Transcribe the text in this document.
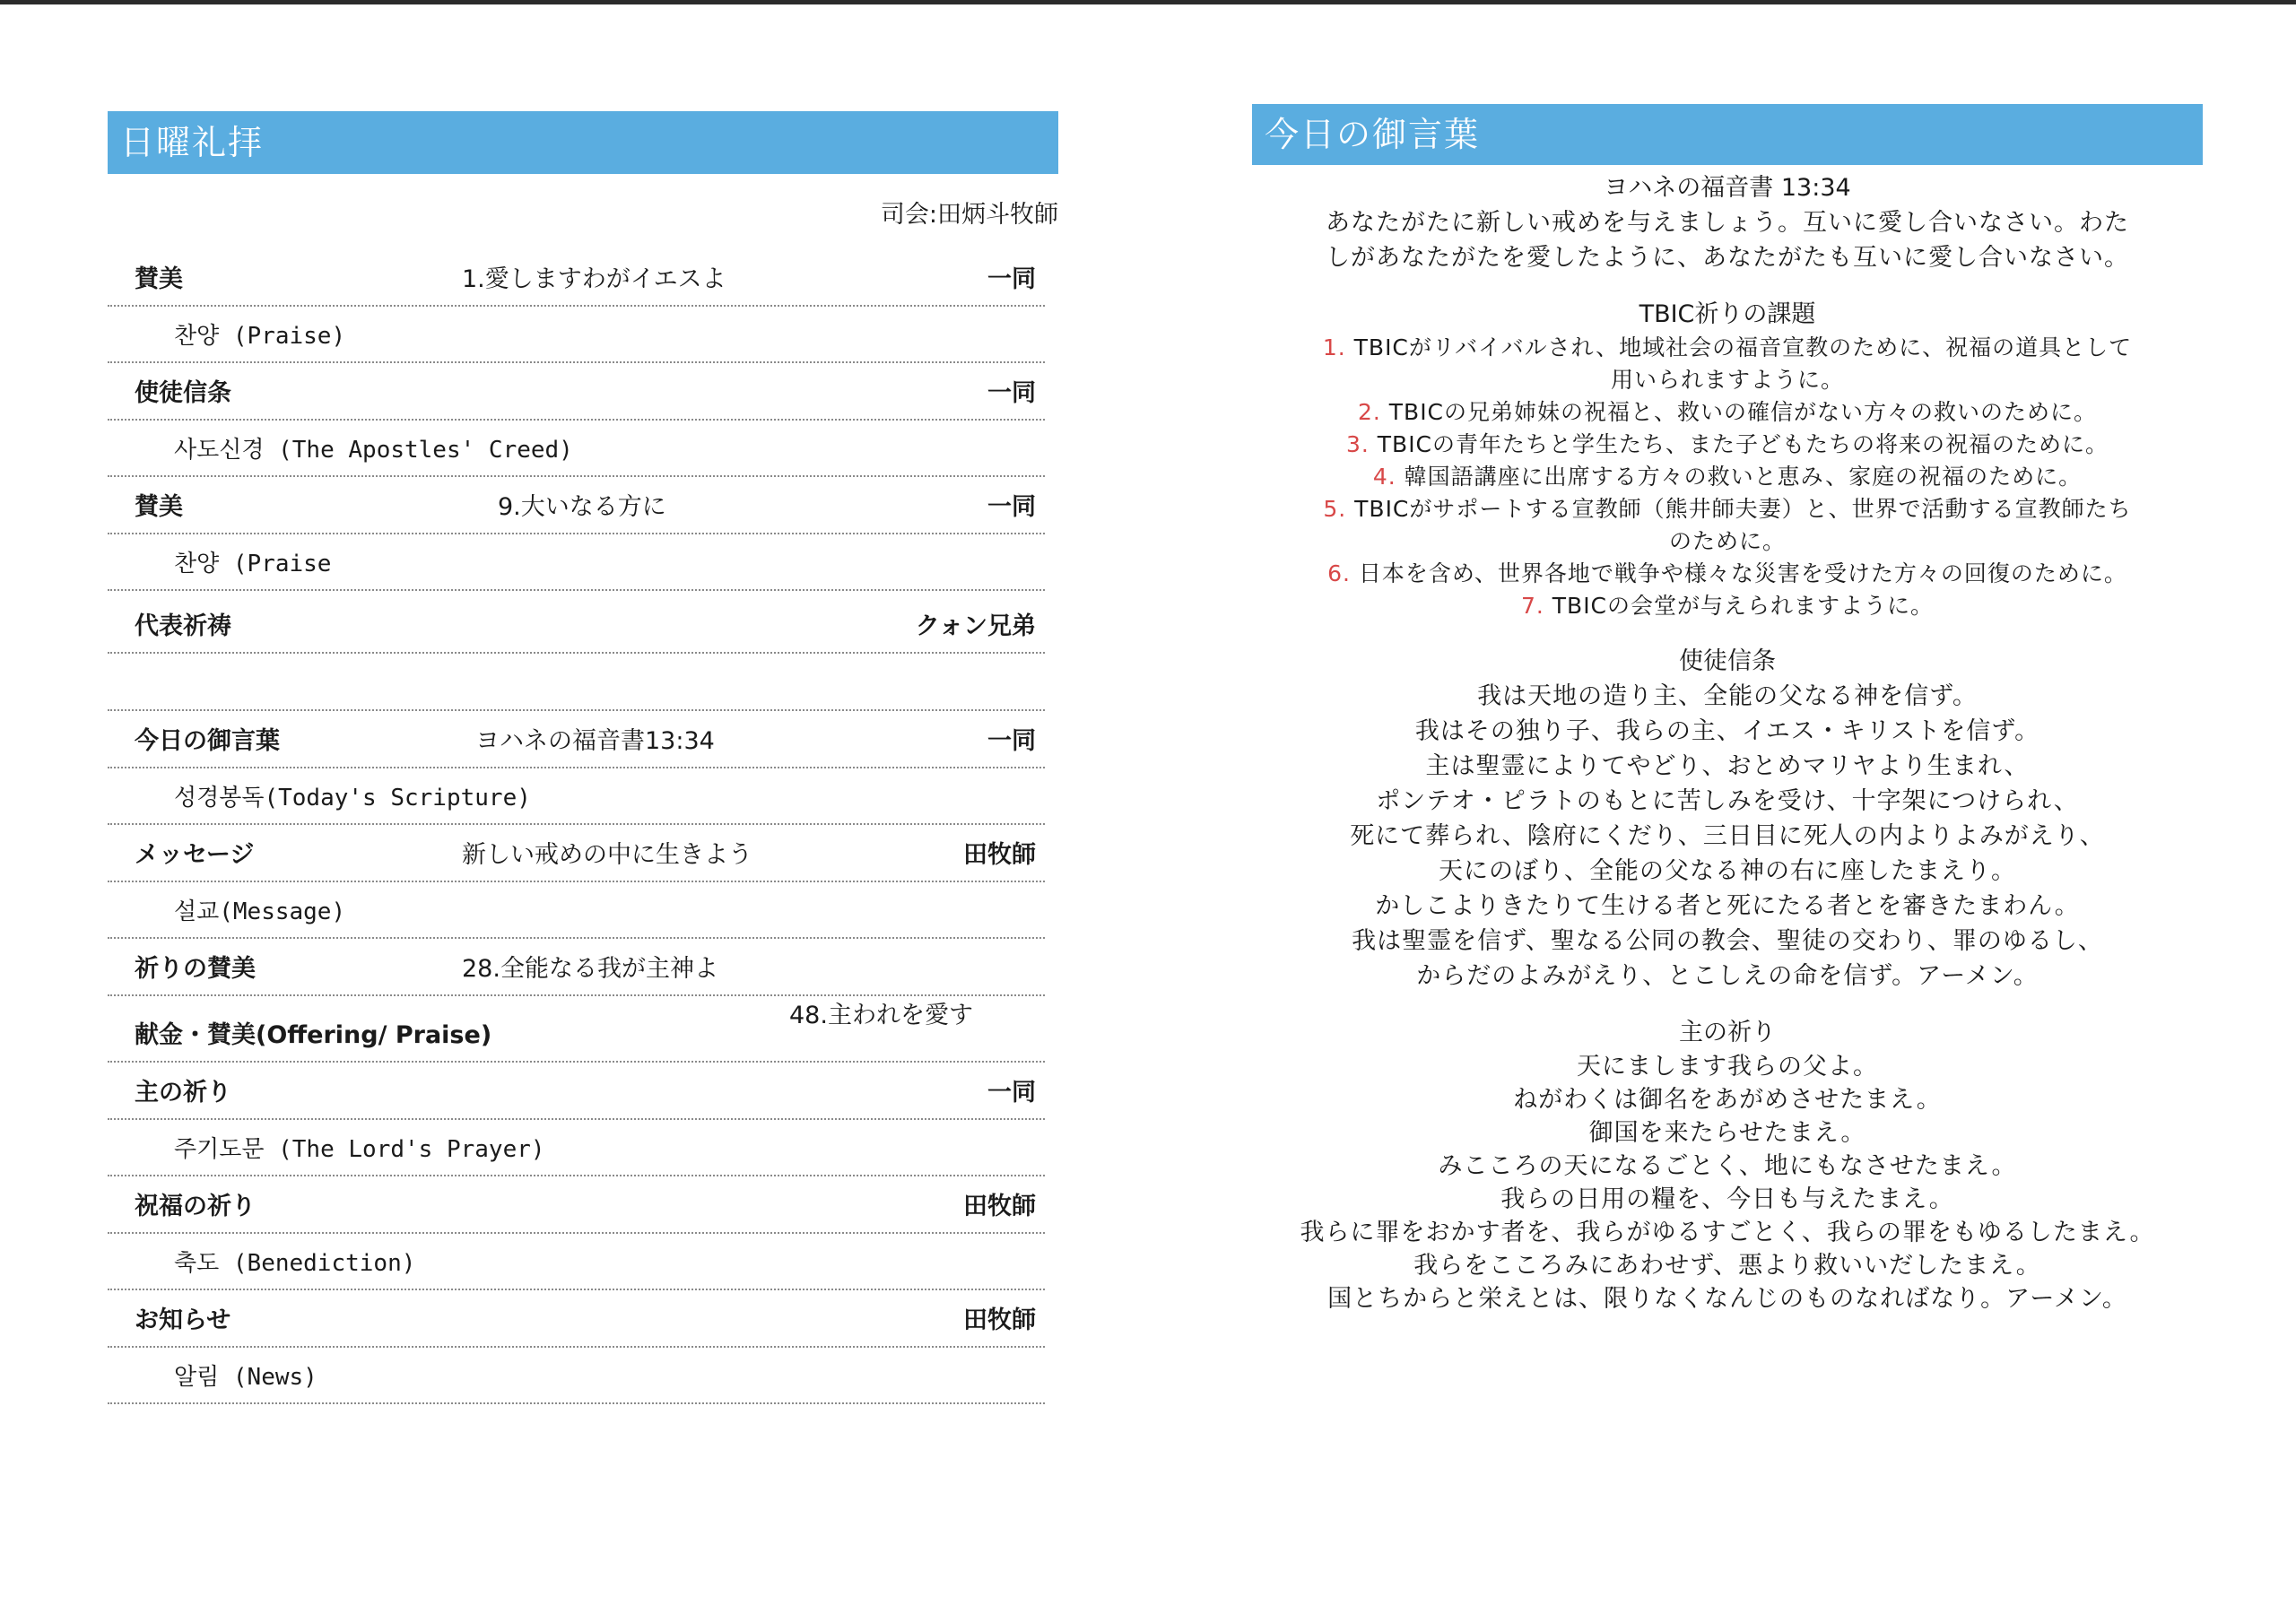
日曜礼拝
司会:田炳斗牧師
賛美	1.愛しますわがイエスよ	一同
찬양 (Praise)
使徒信条	一同
사도신경 (The Apostles' Creed)
賛美	9.大いなる方に	一同
찬양 (Praise
代表祈祷	クォン兄弟
今日の御言葉	ヨハネの福音書13:34	一同
성경봉독(Today's Scripture)
メッセージ	新しい戒めの中に生きよう	田牧師
설교(Message)
祈りの賛美	28.全能なる我が主神よ
献金・賛美(Offering/ Praise)
48.主われを愛す
主の祈り	一同
주기도문 (The Lord's Prayer)
祝福の祈り	田牧師
축도 (Benediction)
お知らせ	田牧師
알림 (News)
今日の御言葉
ヨハネの福音書 13:34
あなたがたに新しい戒めを与えましょう。互いに愛し合いなさい。わた
しがあなたがたを愛したように、あなたがたも互いに愛し合いなさい。
TBIC祈りの課題
1. TBICがリバイバルされ、地域社会の福音宣教のために、祝福の道具として
用いられますように。
2. TBICの兄弟姉妹の祝福と、救いの確信がない方々の救いのために。
3. TBICの青年たちと学生たち、また子どもたちの将来の祝福のために。
4. 韓国語講座に出席する方々の救いと恵み、家庭の祝福のために。
5. TBICがサポートする宣教師（熊井師夫妻）と、世界で活動する宣教師たち
のために。
6. 日本を含め、世界各地で戦争や様々な災害を受けた方々の回復のために。
7. TBICの会堂が与えられますように。
使徒信条
我は天地の造り主、全能の父なる神を信ず。
我はその独り子、我らの主、イエス・キリストを信ず。
主は聖霊によりてやどり、おとめマリヤより生まれ、
ポンテオ・ピラトのもとに苦しみを受け、十字架につけられ、
死にて葬られ、陰府にくだり、三日目に死人の内よりよみがえり、
天にのぼり、全能の父なる神の右に座したまえり。
かしこよりきたりて生ける者と死にたる者とを審きたまわん。
我は聖霊を信ず、聖なる公同の教会、聖徒の交わり、罪のゆるし、
からだのよみがえり、とこしえの命を信ず。アーメン。
主の祈り
天にまします我らの父よ。
ねがわくは御名をあがめさせたまえ。
御国を来たらせたまえ。
みこころの天になるごとく、地にもなさせたまえ。
我らの日用の糧を、今日も与えたまえ。
我らに罪をおかす者を、我らがゆるすごとく、我らの罪をもゆるしたまえ。
我らをこころみにあわせず、悪より救いいだしたまえ。
国とちからと栄えとは、限りなくなんじのものなればなり。アーメン。
